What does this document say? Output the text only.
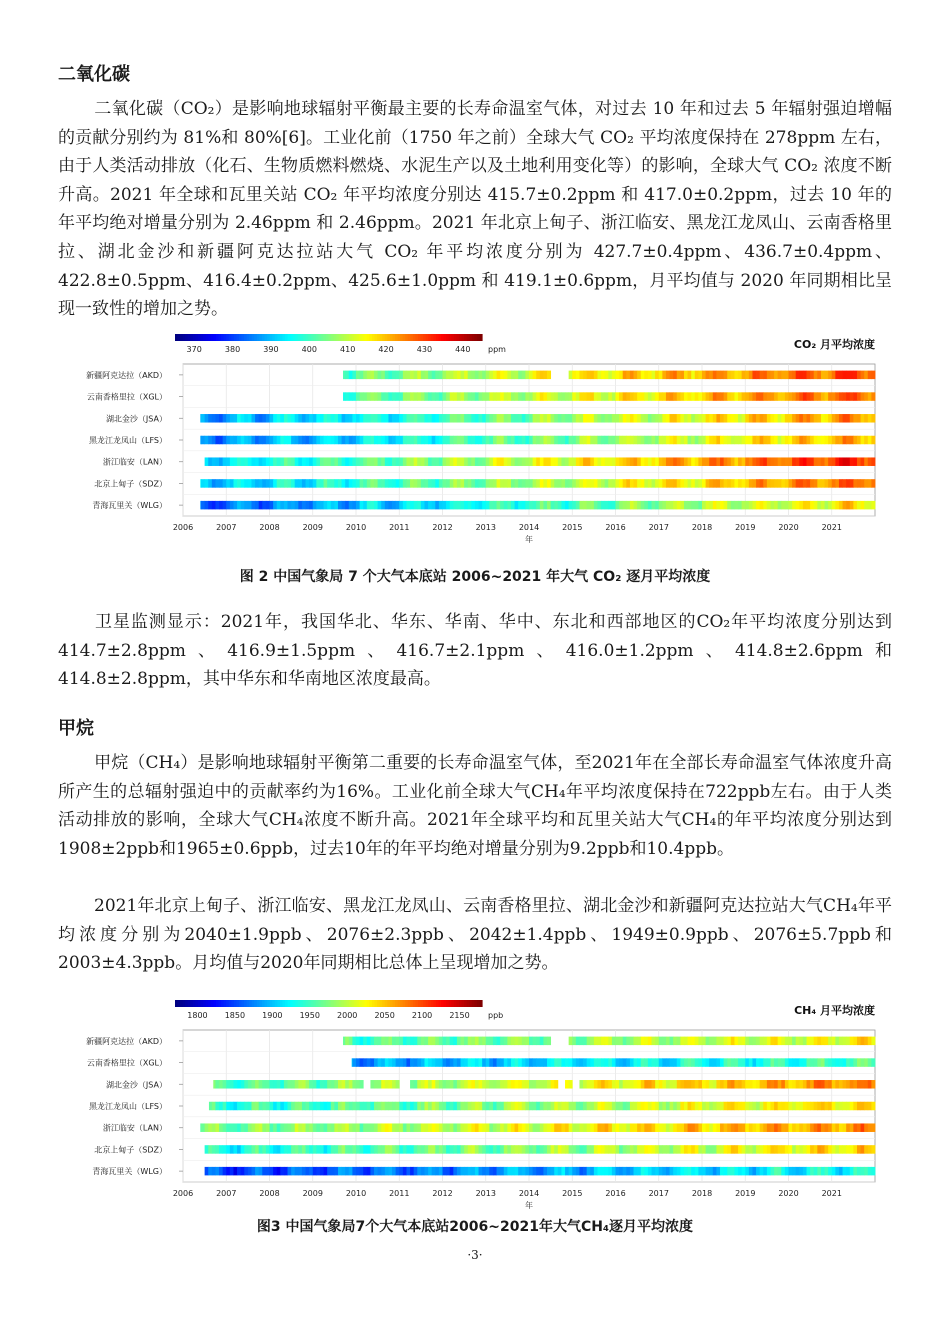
二氧化碳

二氧化碳（CO₂）是影响地球辐射平衡最主要的长寿命温室气体，对过去 10 年和过去 5 年辐射强迫增幅的贡献分别约为 81%和 80%[6]。工业化前（1750 年之前）全球大气 CO₂ 平均浓度保持在 278ppm 左右，由于人类活动排放（化石、生物质燃料燃烧、水泥生产以及土地利用变化等）的影响，全球大气 CO₂ 浓度不断升高。2021 年全球和瓦里关站 CO₂ 年平均浓度分别达 415.7±0.2ppm 和 417.0±0.2ppm，过去 10 年的年平均绝对增量分别为 2.46ppm 和 2.46ppm。2021 年北京上甸子、浙江临安、黑龙江龙凤山、云南香格里拉、湖北金沙和新疆阿克达拉站大气 CO₂ 年平均浓度分别为 427.7±0.4ppm、436.7±0.4ppm、422.8±0.5ppm、416.4±0.2ppm、425.6±1.0ppm 和 419.1±0.6ppm，月平均值与 2020 年同期相比呈现一致性的增加之势。

370	380	390	400	410	420	430	440 ppm	CO₂ 月平均浓度
2006	2007	2008	2009	2010	2011	2012	2013	2014	2015	2016	2017	2018	2019	2020	2021
年
新疆阿克达拉（AKD）
云南香格里拉（XGL）
湖北金沙（JSA）
黑龙江龙凤山（LFS）
浙江临安（LAN）
北京上甸子（SDZ）
青海瓦里关（WLG）
图 2 中国气象局 7 个大气本底站 2006~2021 年大气 CO₂ 逐月平均浓度

卫星监测显示：2021年，我国华北、华东、华南、华中、东北和西部地区的CO₂年平均浓度分别达到414.7±2.8ppm、416.9±1.5ppm、416.7±2.1ppm、416.0±1.2ppm、414.8±2.6ppm和414.8±2.8ppm，其中华东和华南地区浓度最高。

甲烷

甲烷（CH₄）是影响地球辐射平衡第二重要的长寿命温室气体，至2021年在全部长寿命温室气体浓度升高所产生的总辐射强迫中的贡献率约为16%。工业化前全球大气CH₄年平均浓度保持在722ppb左右。由于人类活动排放的影响，全球大气CH₄浓度不断升高。2021年全球平均和瓦里关站大气CH₄的年平均浓度分别达到1908±2ppb和1965±0.6ppb，过去10年的年平均绝对增量分别为9.2ppb和10.4ppb。

2021年北京上甸子、浙江临安、黑龙江龙凤山、云南香格里拉、湖北金沙和新疆阿克达拉站大气CH₄年平均浓度分别为2040±1.9ppb、2076±2.3ppb、2042±1.4ppb、1949±0.9ppb、2076±5.7ppb和2003±4.3ppb。月均值与2020年同期相比总体上呈现增加之势。

1800 1850 1900 1950 2000 2050 2100 2150 ppb	CH₄ 月平均浓度
2006	2007	2008	2009	2010	2011	2012	2013	2014	2015	2016	2017	2018	2019	2020	2021
年
新疆阿克达拉（AKD）
云南香格里拉（XGL）
湖北金沙（JSA）
黑龙江龙凤山（LFS）
浙江临安（LAN）
北京上甸子（SDZ）
青海瓦里关（WLG）
图3 中国气象局7个大气本底站2006~2021年大气CH₄逐月平均浓度
·3·
